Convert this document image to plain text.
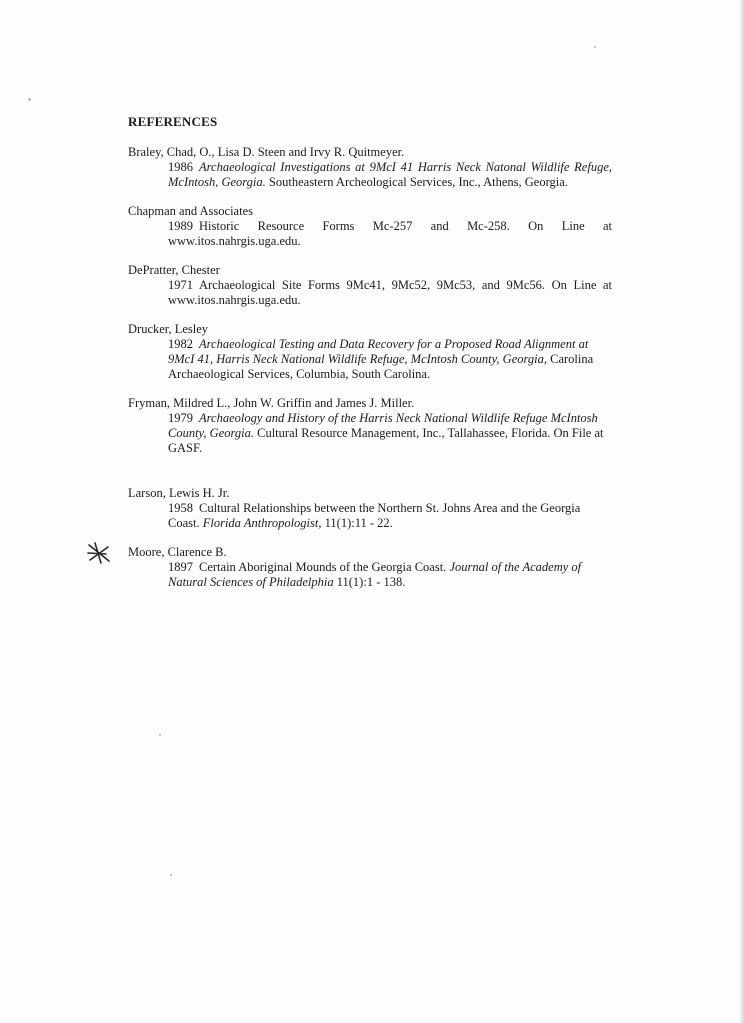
REFERENCES
Braley, Chad, O., Lisa D. Steen and Irvy R. Quitmeyer.
1986 Archaeological Investigations at 9McI 41 Harris Neck Natonal Wildlife Refuge, McIntosh, Georgia. Southeastern Archeological Services, Inc., Athens, Georgia.
Chapman and Associates
1989 Historic Resource Forms Mc-257 and Mc-258. On Line at www.itos.nahrgis.uga.edu.
DePratter, Chester
1971 Archaeological Site Forms 9Mc41, 9Mc52, 9Mc53, and 9Mc56. On Line at www.itos.nahrgis.uga.edu.
Drucker, Lesley
1982 Archaeological Testing and Data Recovery for a Proposed Road Alignment at 9McI 41, Harris Neck National Wildlife Refuge, McIntosh County, Georgia, Carolina Archaeological Services, Columbia, South Carolina.
Fryman, Mildred L., John W. Griffin and James J. Miller.
1979 Archaeology and History of the Harris Neck National Wildlife Refuge McIntosh County, Georgia. Cultural Resource Management, Inc., Tallahassee, Florida. On File at GASF.
Larson, Lewis H. Jr.
1958 Cultural Relationships between the Northern St. Johns Area and the Georgia Coast. Florida Anthropologist, 11(1):11 - 22.
Moore, Clarence B.
1897 Certain Aboriginal Mounds of the Georgia Coast. Journal of the Academy of Natural Sciences of Philadelphia 11(1):1 - 138.
